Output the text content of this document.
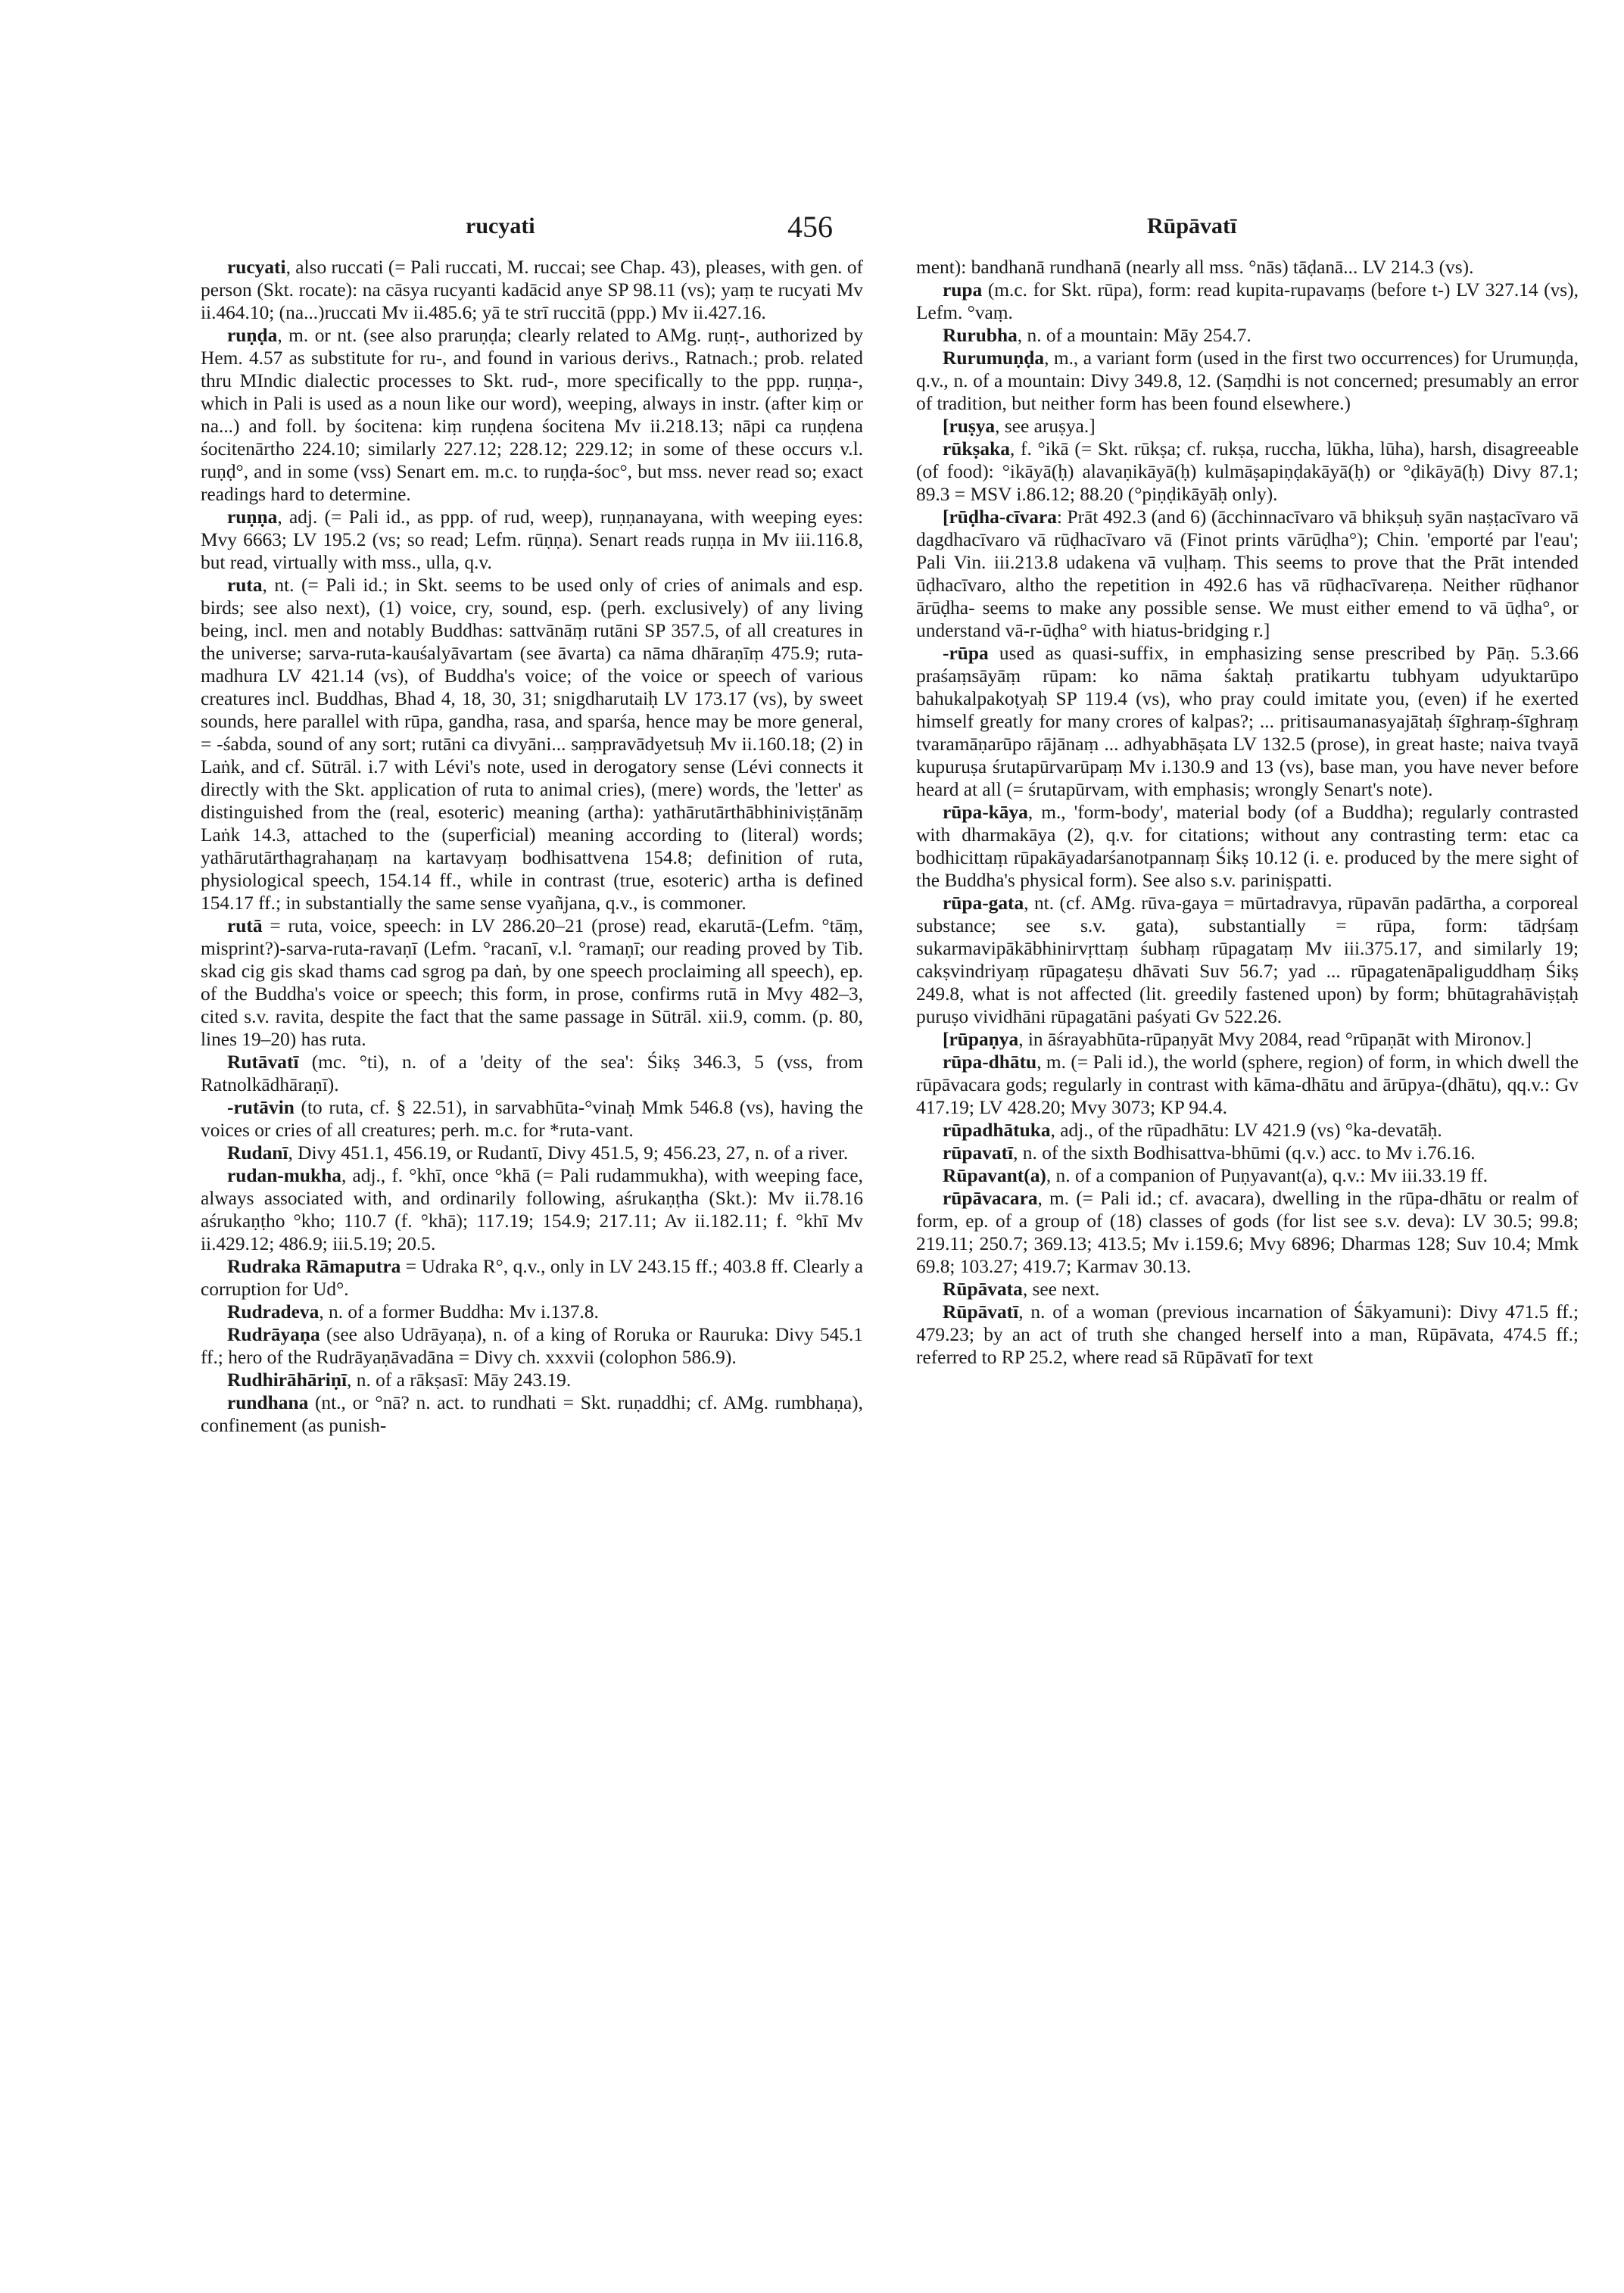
rucyati	456	Rūpāvatī

rucyati, also ruccati (= Pali ruccati, M. ruccai; see Chap. 43), pleases, with gen. of person (Skt. rocate): na cāsya rucyanti kadācid anye SP 98.11 (vs); yaṃ te rucyati Mv ii.464.10; (na...)ruccati Mv ii.485.6; yā te strī ruccitā (ppp.) Mv ii.427.16.

ruṇḍa, m. or nt. (see also praruṇḍa; clearly related to AMg. ruṇṭ-, authorized by Hem. 4.57 as substitute for ru-, and found in various derivs., Ratnach.; prob. related thru MIndic dialectic processes to Skt. rud-, more specifically to the ppp. ruṇṇa-, which in Pali is used as a noun like our word), weeping, always in instr. (after kiṃ or na...) and foll. by śocitena: kiṃ ruṇḍena śocitena Mv ii.218.13; nāpi ca ruṇḍena śocitenārtho 224.10; similarly 227.12; 228.12; 229.12; in some of these occurs v.l. ruṇḍ°, and in some (vss) Senart em. m.c. to ruṇḍa-śoc°, but mss. never read so; exact readings hard to determine.

ruṇṇa, adj. (= Pali id., as ppp. of rud, weep), ruṇṇanayana, with weeping eyes: Mvy 6663; LV 195.2 (vs; so read; Lefm. rūṇṇa). Senart reads ruṇṇa in Mv iii.116.8, but read, virtually with mss., ulla, q.v.

ruta, nt. (= Pali id.; in Skt. seems to be used only of cries of animals and esp. birds; see also next), (1) voice, cry, sound, esp. (perh. exclusively) of any living being, incl. men and notably Buddhas: sattvānāṃ rutāni SP 357.5, of all creatures in the universe; sarva-ruta-kauśalyāvartam (see āvarta) ca nāma dhāraṇīṃ 475.9; ruta-madhura LV 421.14 (vs), of Buddha's voice; of the voice or speech of various creatures incl. Buddhas, Bhad 4, 18, 30, 31; snigdharutaiḥ LV 173.17 (vs), by sweet sounds, here parallel with rūpa, gandha, rasa, and sparśa, hence may be more general, = -śabda, sound of any sort; rutāni ca divyāni... saṃpravādyetsuḥ Mv ii.160.18; (2) in Laṅk, and cf. Sūtrāl. i.7 with Lévi's note, used in derogatory sense (Lévi connects it directly with the Skt. application of ruta to animal cries), (mere) words, the 'letter' as distinguished from the (real, esoteric) meaning (artha): yathārutārthābhiniviṣṭānāṃ Laṅk 14.3, attached to the (superficial) meaning according to (literal) words; yathārutārthagrahaṇaṃ na kartavyaṃ bodhisattvena 154.8; definition of ruta, physiological speech, 154.14 ff., while in contrast (true, esoteric) artha is defined 154.17 ff.; in substantially the same sense vyañjana, q.v., is commoner.

rutā = ruta, voice, speech: in LV 286.20–21 (prose) read, ekarutā-(Lefm. °tāṃ, misprint?)-sarva-ruta-ravaṇī (Lefm. °racanī, v.l. °ramaṇī; our reading proved by Tib. skad cig gis skad thams cad sgrog pa daṅ, by one speech proclaiming all speech), ep. of the Buddha's voice or speech; this form, in prose, confirms rutā in Mvy 482–3, cited s.v. ravita, despite the fact that the same passage in Sūtrāl. xii.9, comm. (p. 80, lines 19–20) has ruta.

Rutāvatī (mc. °ti), n. of a 'deity of the sea': Śikṣ 346.3, 5 (vss, from Ratnolkādhāraṇī).

-rutāvin (to ruta, cf. § 22.51), in sarvabhūta-°vinaḥ Mmk 546.8 (vs), having the voices or cries of all creatures; perh. m.c. for *ruta-vant.

Rudanī, Divy 451.1, 456.19, or Rudantī, Divy 451.5, 9; 456.23, 27, n. of a river.

rudan-mukha, adj., f. °khī, once °khā (= Pali rudammukha), with weeping face, always associated with, and ordinarily following, aśrukaṇṭha (Skt.): Mv ii.78.16 aśrukaṇṭho °kho; 110.7 (f. °khā); 117.19; 154.9; 217.11; Av ii.182.11; f. °khī Mv ii.429.12; 486.9; iii.5.19; 20.5.

Rudraka Rāmaputra = Udraka R°, q.v., only in LV 243.15 ff.; 403.8 ff. Clearly a corruption for Ud°.

Rudradeva, n. of a former Buddha: Mv i.137.8.

Rudrāyaṇa (see also Udrāyaṇa), n. of a king of Roruka or Rauruka: Divy 545.1 ff.; hero of the Rudrāyaṇāvadāna = Divy ch. xxxvii (colophon 586.9).

Rudhirāhāriṇī, n. of a rākṣasī: Māy 243.19.

rundhana (nt., or °nā? n. act. to rundhati = Skt. ruṇaddhi; cf. AMg. rumbhaṇa), confinement (as punish-

ment): bandhanā rundhanā (nearly all mss. °nās) tāḍanā... LV 214.3 (vs).

rupa (m.c. for Skt. rūpa), form: read kupita-rupavaṃs (before t-) LV 327.14 (vs), Lefm. °vaṃ.

Rurubha, n. of a mountain: Māy 254.7.

Rurumuṇḍa, m., a variant form (used in the first two occurrences) for Urumuṇḍa, q.v., n. of a mountain: Divy 349.8, 12. (Saṃdhi is not concerned; presumably an error of tradition, but neither form has been found elsewhere.)

[ruṣya, see aruṣya.]

rūkṣaka, f. °ikā (= Skt. rūkṣa; cf. rukṣa, ruccha, lūkha, lūha), harsh, disagreeable (of food): °ikāyā(ḥ) alavaṇikāyā(ḥ) kulmāṣapiṇḍakāyā(ḥ) or °ḍikāyā(ḥ) Divy 87.1; 89.3 = MSV i.86.12; 88.20 (°piṇḍikāyāḥ only).

[rūḍha-cīvara: Prāt 492.3 (and 6) (ācchinnacīvaro vā bhikṣuḥ syān naṣṭacīvaro vā dagdhacīvaro vā rūḍhacīvaro vā (Finot prints vārūḍha°); Chin. 'emporté par l'eau'; Pali Vin. iii.213.8 udakena vā vuḷhaṃ. This seems to prove that the Prāt intended ūḍhacīvaro, altho the repetition in 492.6 has vā rūḍhacīvareṇa. Neither rūḍhanor ārūḍha- seems to make any possible sense. We must either emend to vā ūḍha°, or understand vā-r-ūḍha° with hiatus-bridging r.]

-rūpa used as quasi-suffix, in emphasizing sense prescribed by Pāṇ. 5.3.66 praśaṃsāyāṃ rūpam: ko nāma śaktaḥ pratikartu tubhyam udyuktarūpo bahukalpakoṭyaḥ SP 119.4 (vs), who pray could imitate you, (even) if he exerted himself greatly for many crores of kalpas?; ... pritisaumanasyajātaḥ śīghraṃ-śīghraṃ tvaramāṇarūpo rājānaṃ ... adhyabhāṣata LV 132.5 (prose), in great haste; naiva tvayā kupuruṣa śrutapūrvarūpaṃ Mv i.130.9 and 13 (vs), base man, you have never before heard at all (= śrutapūrvam, with emphasis; wrongly Senart's note).

rūpa-kāya, m., 'form-body', material body (of a Buddha); regularly contrasted with dharmakāya (2), q.v. for citations; without any contrasting term: etac ca bodhicittaṃ rūpakāyadarśanotpannaṃ Śikṣ 10.12 (i. e. produced by the mere sight of the Buddha's physical form). See also s.v. pariniṣpatti.

rūpa-gata, nt. (cf. AMg. rūva-gaya = mūrtadravya, rūpavān padārtha, a corporeal substance; see s.v. gata), substantially = rūpa, form: tādṛśaṃ sukarmavipākābhinirvṛttaṃ śubhaṃ rūpagataṃ Mv iii.375.17, and similarly 19; cakṣvindriyaṃ rūpagateṣu dhāvati Suv 56.7; yad ... rūpagatenāpaliguddhaṃ Śikṣ 249.8, what is not affected (lit. greedily fastened upon) by form; bhūtagrahāviṣṭaḥ puruṣo vividhāni rūpagatāni paśyati Gv 522.26.

[rūpaṇya, in āśrayabhūta-rūpaṇyāt Mvy 2084, read °rūpaṇāt with Mironov.]

rūpa-dhātu, m. (= Pali id.), the world (sphere, region) of form, in which dwell the rūpāvacara gods; regularly in contrast with kāma-dhātu and ārūpya-(dhātu), qq.v.: Gv 417.19; LV 428.20; Mvy 3073; KP 94.4.

rūpadhātuka, adj., of the rūpadhātu: LV 421.9 (vs) °ka-devatāḥ.

rūpavatī, n. of the sixth Bodhisattva-bhūmi (q.v.) acc. to Mv i.76.16.

Rūpavant(a), n. of a companion of Puṇyavant(a), q.v.: Mv iii.33.19 ff.

rūpāvacara, m. (= Pali id.; cf. avacara), dwelling in the rūpa-dhātu or realm of form, ep. of a group of (18) classes of gods (for list see s.v. deva): LV 30.5; 99.8; 219.11; 250.7; 369.13; 413.5; Mv i.159.6; Mvy 6896; Dharmas 128; Suv 10.4; Mmk 69.8; 103.27; 419.7; Karmav 30.13.

Rūpāvata, see next.

Rūpāvatī, n. of a woman (previous incarnation of Śākyamuni): Divy 471.5 ff.; 479.23; by an act of truth she changed herself into a man, Rūpāvata, 474.5 ff.; referred to RP 25.2, where read sā Rūpāvatī for text
